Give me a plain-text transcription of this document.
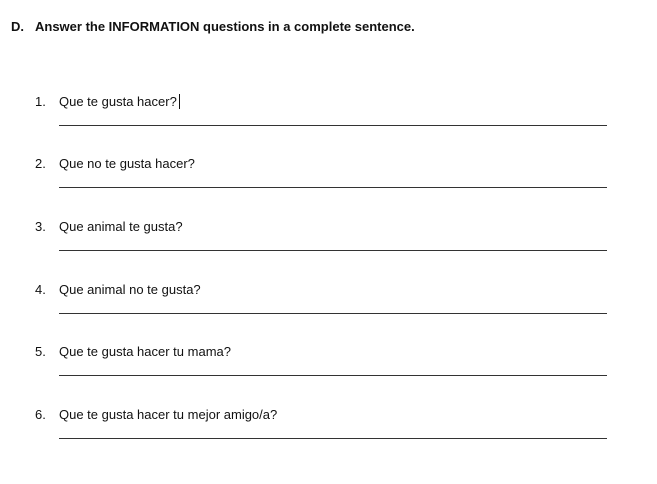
D. Answer the INFORMATION questions in a complete sentence.
1. Que te gusta hacer?
2. Que no te gusta hacer?
3. Que animal te gusta?
4. Que animal no te gusta?
5. Que te gusta hacer tu mama?
6. Que te gusta hacer tu mejor amigo/a?
